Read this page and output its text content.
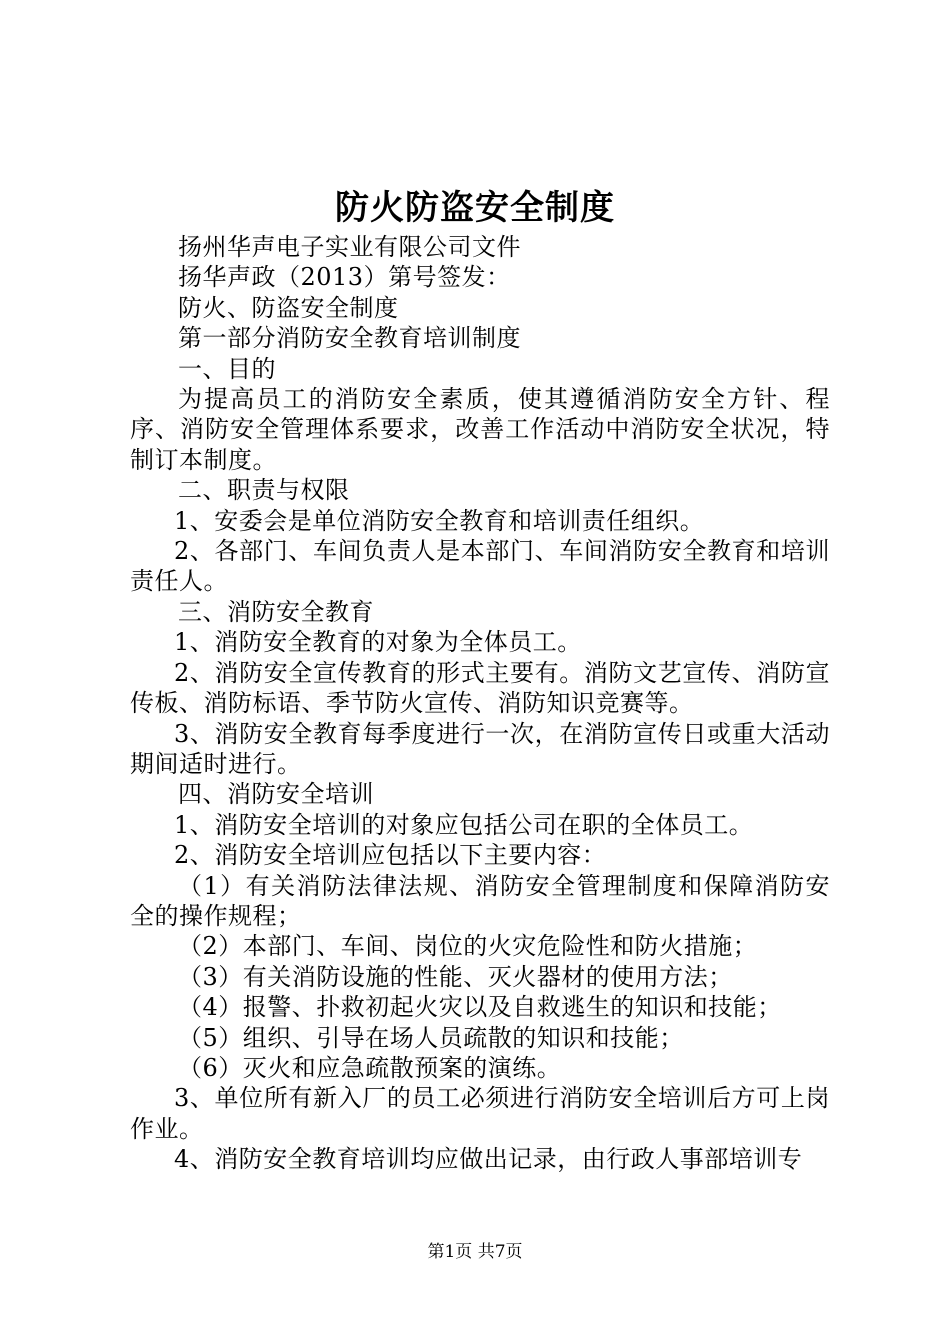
防火防盗安全制度

扬州华声电子实业有限公司文件

扬华声政（2013）第号签发：

防火、防盗安全制度

第一部分消防安全教育培训制度

一、目的

为提高员工的消防安全素质，使其遵循消防安全方针、程序、消防安全管理体系要求，改善工作活动中消防安全状况，特制订本制度。

二、职责与权限

1、安委会是单位消防安全教育和培训责任组织。

2、各部门、车间负责人是本部门、车间消防安全教育和培训责任人。

三、消防安全教育

1、消防安全教育的对象为全体员工。

2、消防安全宣传教育的形式主要有。消防文艺宣传、消防宣传板、消防标语、季节防火宣传、消防知识竞赛等。

3、消防安全教育每季度进行一次，在消防宣传日或重大活动期间适时进行。

四、消防安全培训

1、消防安全培训的对象应包括公司在职的全体员工。

2、消防安全培训应包括以下主要内容：

（1）有关消防法律法规、消防安全管理制度和保障消防安全的操作规程；

（2）本部门、车间、岗位的火灾危险性和防火措施；

（3）有关消防设施的性能、灭火器材的使用方法；

（4）报警、扑救初起火灾以及自救逃生的知识和技能；

（5）组织、引导在场人员疏散的知识和技能；

（6）灭火和应急疏散预案的演练。

3、单位所有新入厂的员工必须进行消防安全培训后方可上岗作业。

4、消防安全教育培训均应做出记录，由行政人事部培训专

第1页 共7页
